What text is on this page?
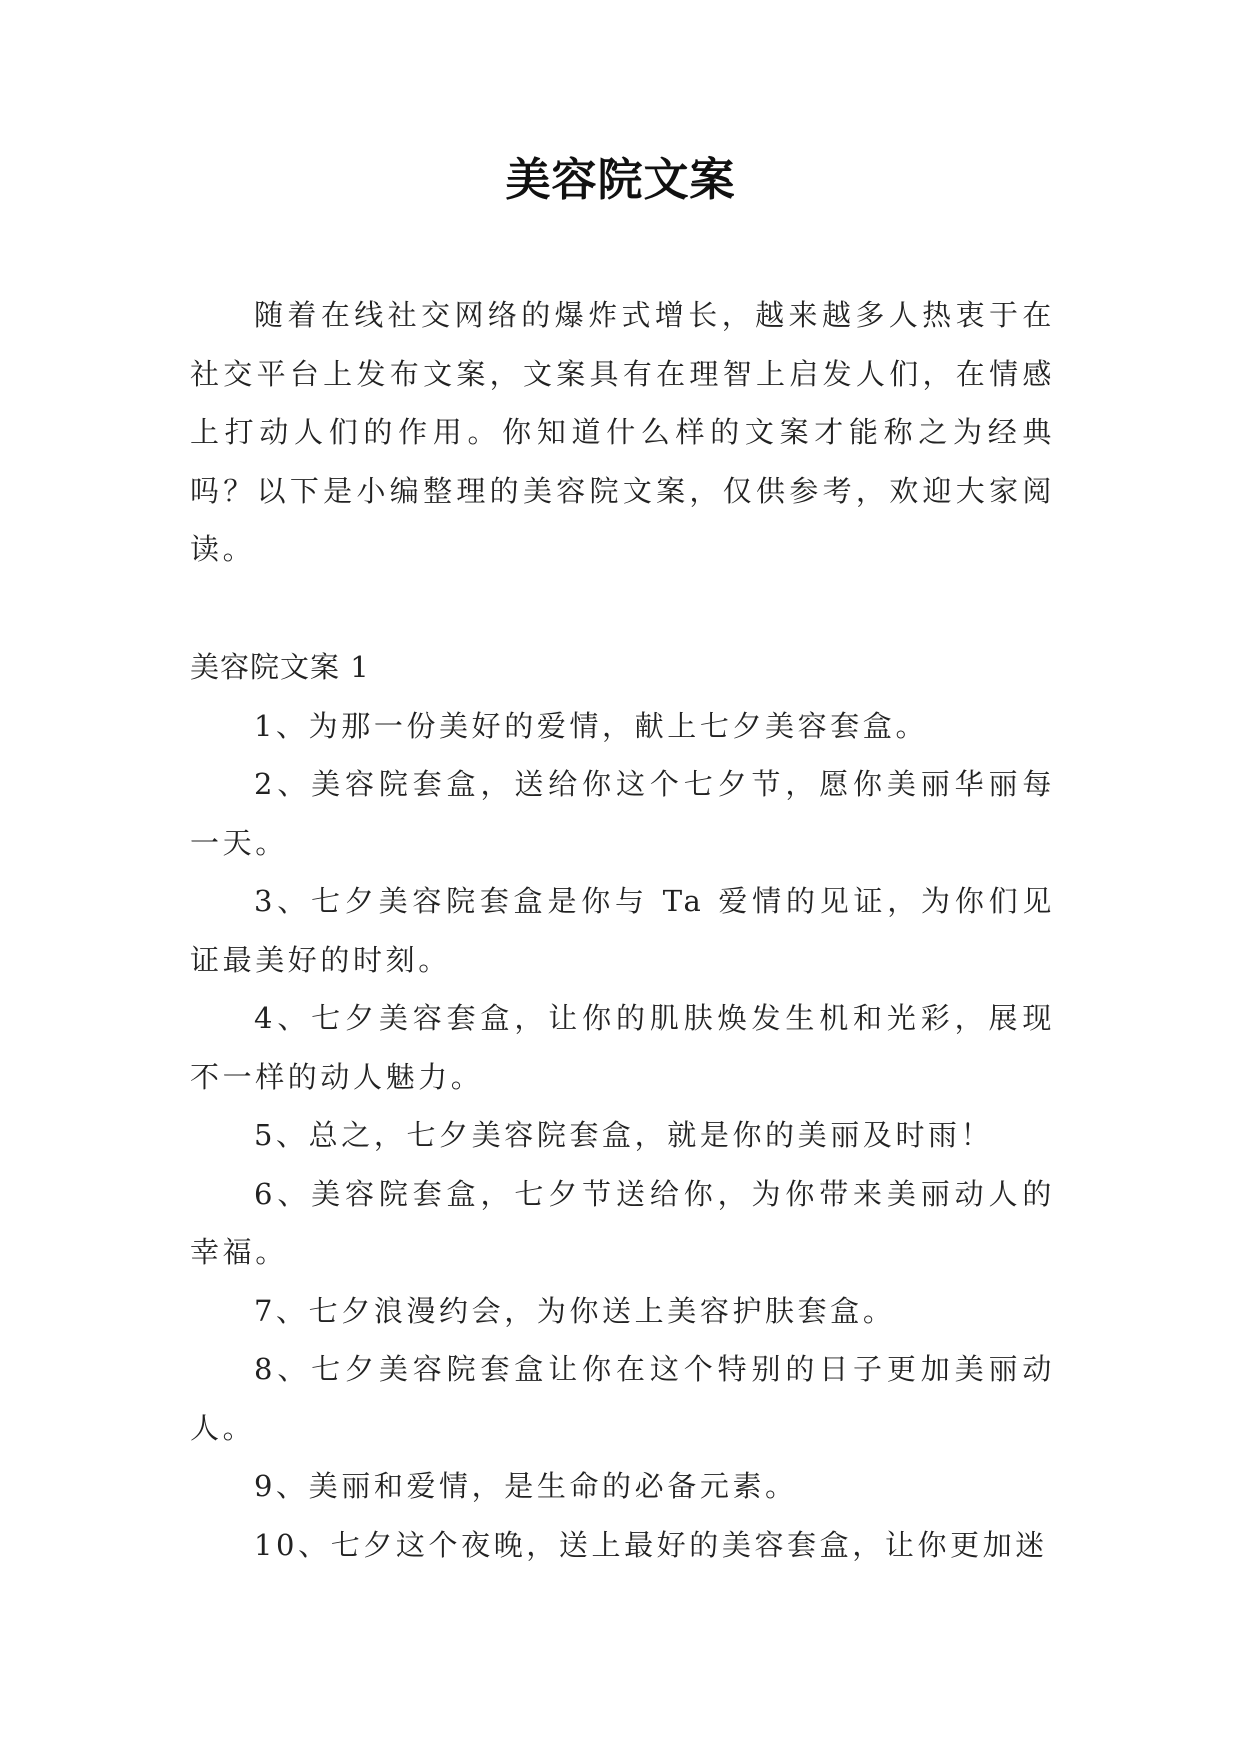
美容院文案

随着在线社交网络的爆炸式增长，越来越多人热衷于在社交平台上发布文案，文案具有在理智上启发人们，在情感上打动人们的作用。你知道什么样的文案才能称之为经典吗？以下是小编整理的美容院文案，仅供参考，欢迎大家阅读。

美容院文案 1

1、为那一份美好的爱情，献上七夕美容套盒。

2、美容院套盒，送给你这个七夕节，愿你美丽华丽每一天。

3、七夕美容院套盒是你与 Ta 爱情的见证，为你们见证最美好的时刻。

4、七夕美容套盒，让你的肌肤焕发生机和光彩，展现不一样的动人魅力。

5、总之，七夕美容院套盒，就是你的美丽及时雨！

6、美容院套盒，七夕节送给你，为你带来美丽动人的幸福。

7、七夕浪漫约会，为你送上美容护肤套盒。

8、七夕美容院套盒让你在这个特别的日子更加美丽动人。

9、美丽和爱情，是生命的必备元素。

10、七夕这个夜晚，送上最好的美容套盒，让你更加迷
